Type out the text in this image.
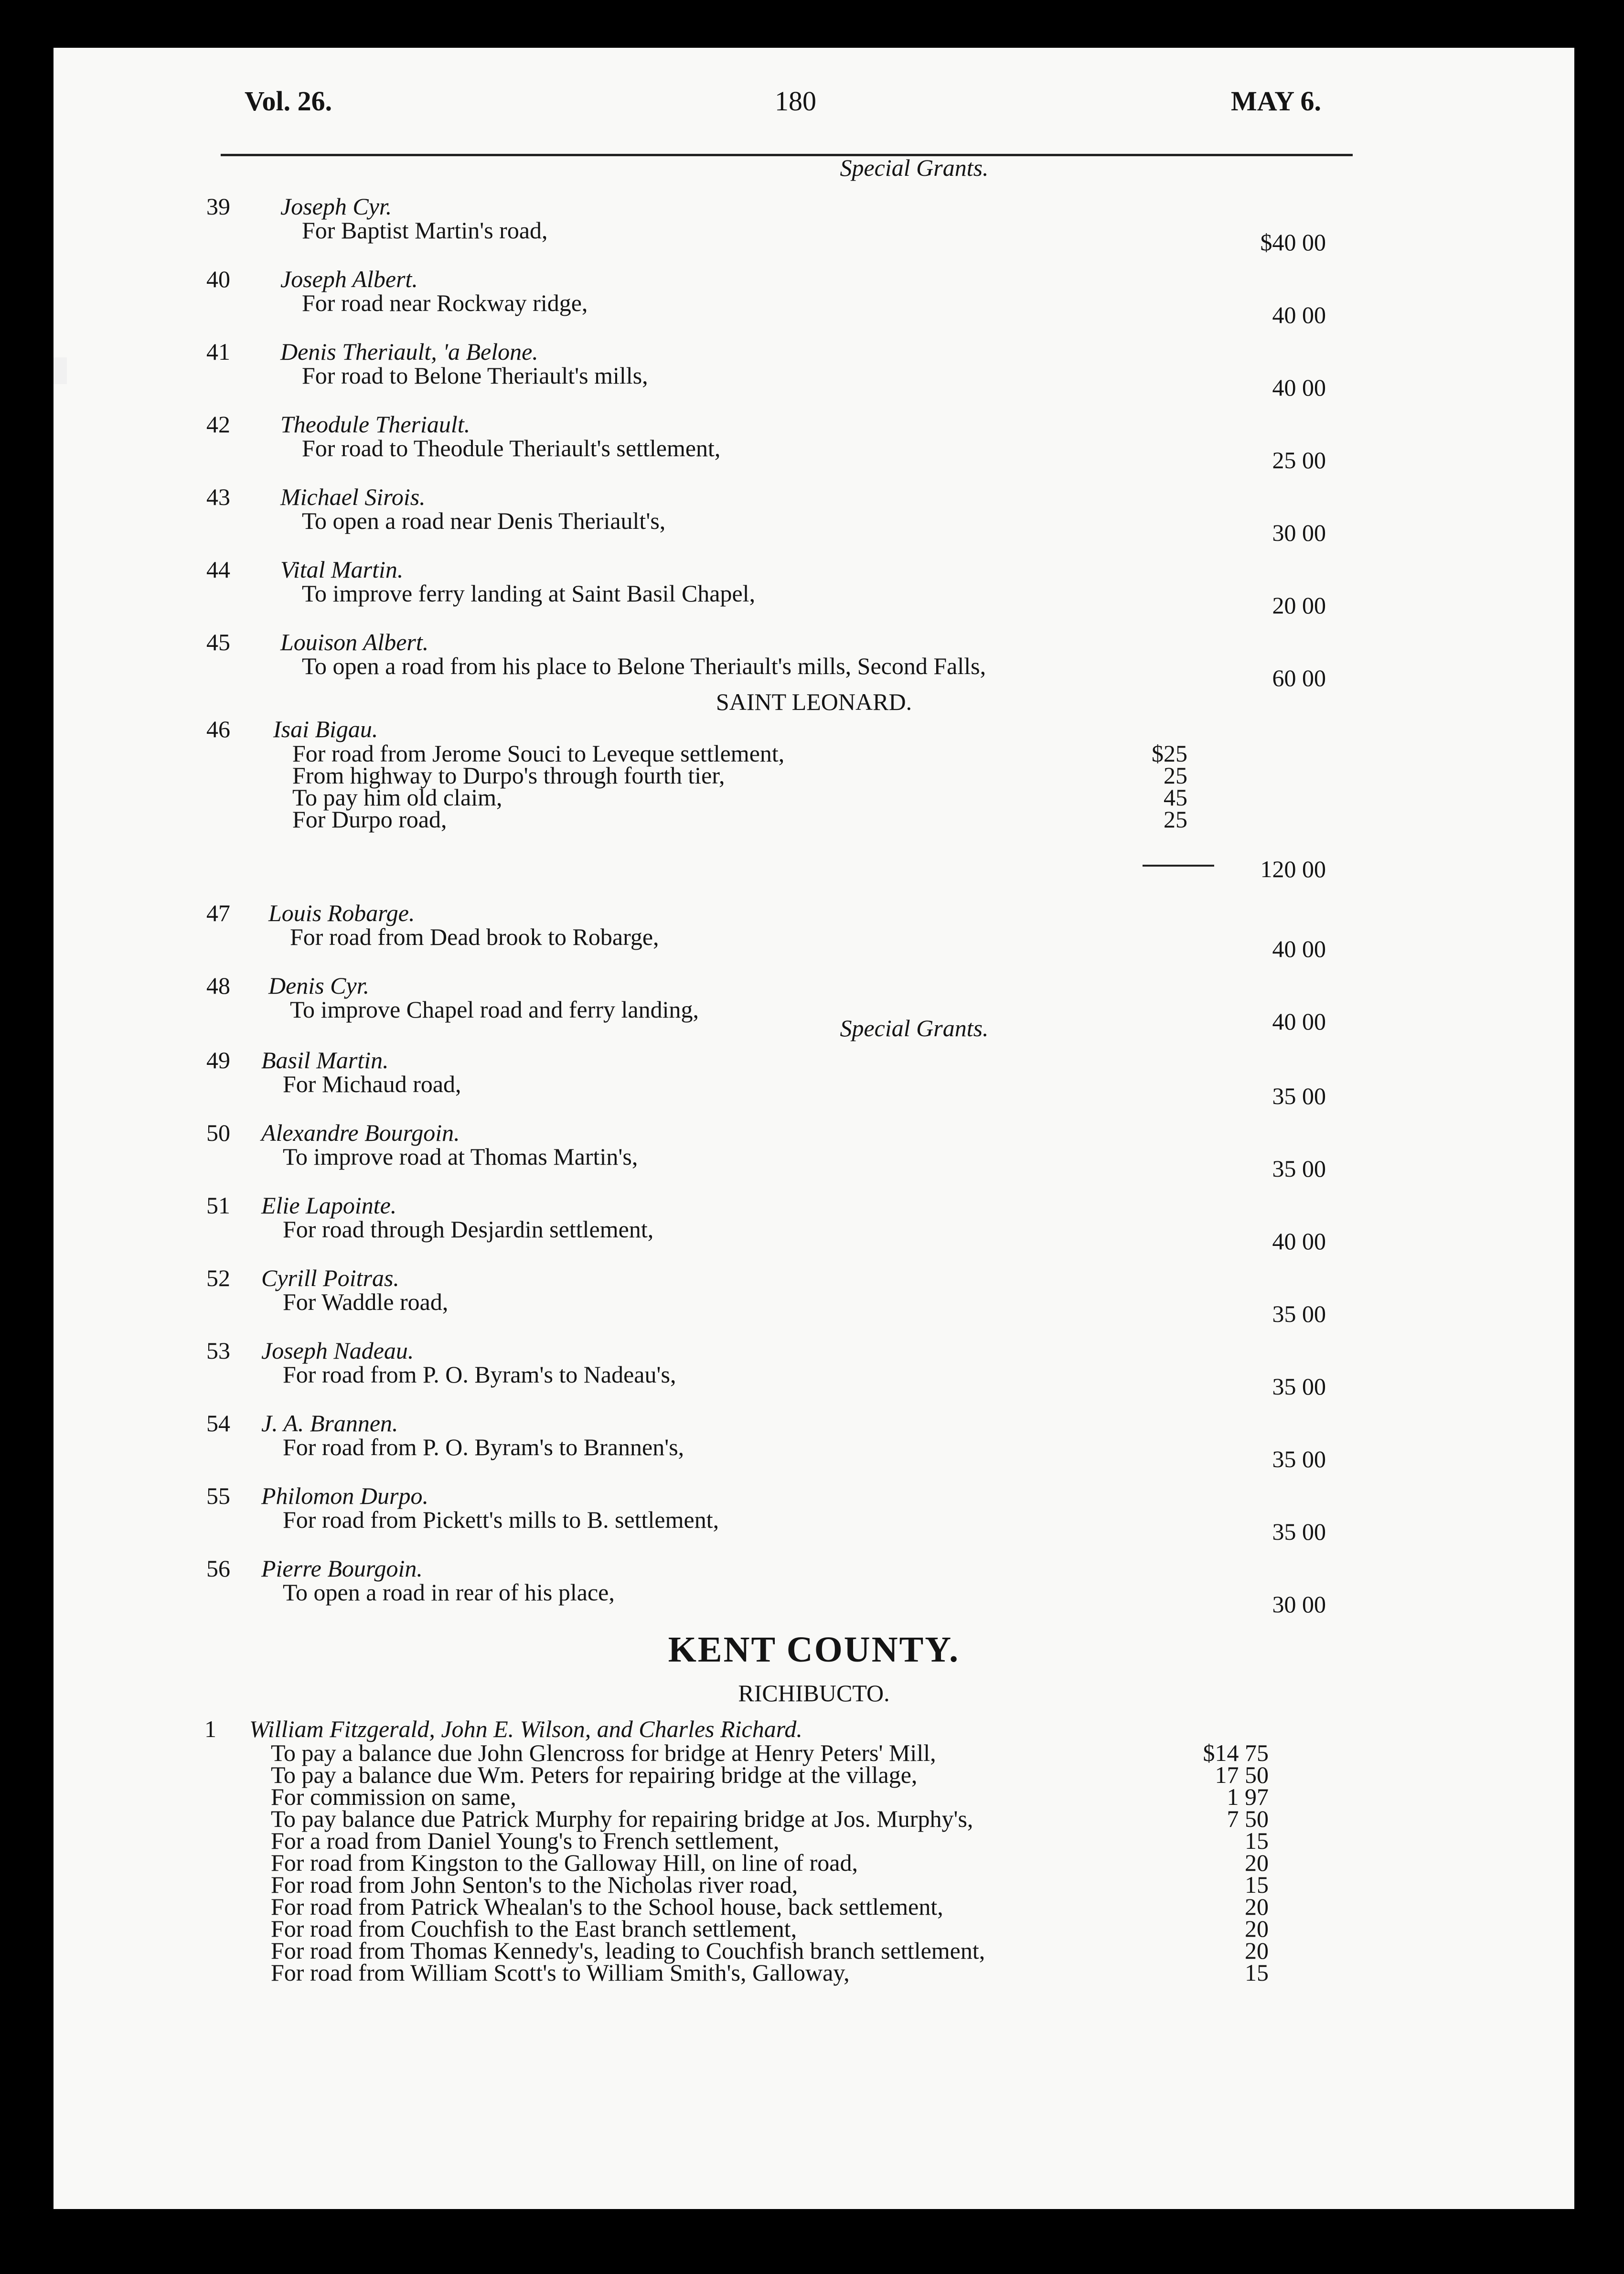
Vol. 26.	180	MAY 6.
Special Grants.
39	Joseph Cyr.
For Baptist Martin's road,	$40 00
40	Joseph Albert.
For road near Rockway ridge,	40 00
41	Denis Theriault, 'a Belone.
For road to Belone Theriault's mills,	40 00
42	Theodule Theriault.
For road to Theodule Theriault's settlement,	25 00
43	Michael Sirois.
To open a road near Denis Theriault's,	30 00
44	Vital Martin.
To improve ferry landing at Saint Basil Chapel,	20 00
45	Louison Albert.
To open a road from his place to Belone Theriault's mills, Second Falls,	60 00
SAINT LEONARD.
46	Isai Bigau.
For road from Jerome Souci to Leveque settlement,	$25
From highway to Durpo's through fourth tier,	25
To pay him old claim,	45
For Durpo road,	25
120 00
47	Louis Robarge.
For road from Dead brook to Robarge,	40 00
48	Denis Cyr.
To improve Chapel road and ferry landing,	40 00
Special Grants.
49	Basil Martin.
For Michaud road,	35 00
50	Alexandre Bourgoin.
To improve road at Thomas Martin's,	35 00
51	Elie Lapointe.
For road through Desjardin settlement,	40 00
52	Cyrill Poitras.
For Waddle road,	35 00
53	Joseph Nadeau.
For road from P. O. Byram's to Nadeau's,	35 00
54	J. A. Brannen.
For road from P. O. Byram's to Brannen's,	35 00
55	Philomon Durpo.
For road from Pickett's mills to B. settlement,	35 00
56	Pierre Bourgoin.
To open a road in rear of his place,	30 00
KENT COUNTY.
RICHIBUCTO.
1	William Fitzgerald, John E. Wilson, and Charles Richard.
To pay a balance due John Glencross for bridge at Henry Peters' Mill,	$14 75
To pay a balance due Wm. Peters for repairing bridge at the village,	17 50
For commission on same,	1 97
To pay balance due Patrick Murphy for repairing bridge at Jos. Murphy's,	7 50
For a road from Daniel Young's to French settlement,	15
For road from Kingston to the Galloway Hill, on line of road,	20
For road from John Senton's to the Nicholas river road,	15
For road from Patrick Whealan's to the School house, back settlement,	20
For road from Couchfish to the East branch settlement,	20
For road from Thomas Kennedy's, leading to Couchfish branch settlement,	20
For road from William Scott's to William Smith's, Galloway,	15
